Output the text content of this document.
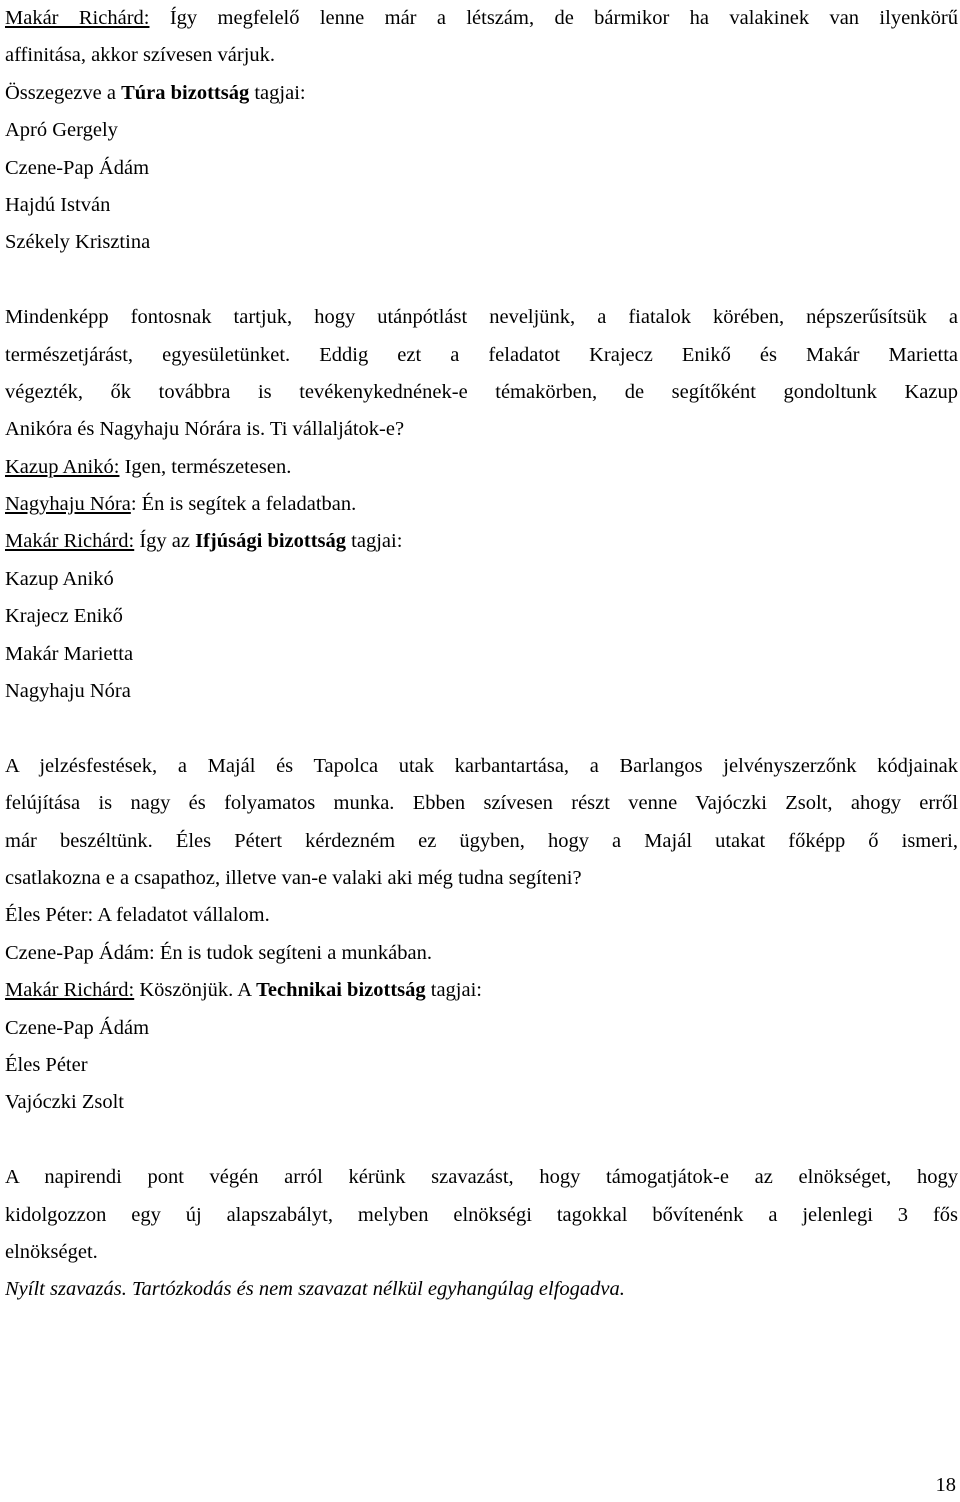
Makár Richárd: Így megfelelő lenne már a létszám, de bármikor ha valakinek van ilyenkörű
affinitása, akkor szívesen várjuk.
Összegezve a Túra bizottság tagjai:
Apró Gergely
Czene-Pap Ádám
Hajdú István
Székely Krisztina
Mindenképp fontosnak tartjuk, hogy utánpótlást neveljünk, a fiatalok körében, népszerűsítsük a
természetjárást, egyesületünket. Eddig ezt a feladatot Krajecz Enikő és Makár Marietta
végezték, ők továbbra is tevékenykednének-e témakörben, de segítőként gondoltunk Kazup
Anikóra és Nagyhaju Nórára is. Ti vállaljátok-e?
Kazup Anikó: Igen, természetesen.
Nagyhaju Nóra: Én is segítek a feladatban.
Makár Richárd: Így az Ifjúsági bizottság tagjai:
Kazup Anikó
Krajecz Enikő
Makár Marietta
Nagyhaju Nóra
A jelzésfestések, a Majál és Tapolca utak karbantartása, a Barlangos jelvényszerzőnk kódjainak
felújítása is nagy és folyamatos munka. Ebben szívesen részt venne Vajóczki Zsolt, ahogy erről
már beszéltünk. Éles Pétert kérdezném ez ügyben, hogy a Majál utakat főképp ő ismeri,
csatlakozna e a csapathoz, illetve van-e valaki aki még tudna segíteni?
Éles Péter: A feladatot vállalom.
Czene-Pap Ádám: Én is tudok segíteni a munkában.
Makár Richárd: Köszönjük. A Technikai bizottság tagjai:
Czene-Pap Ádám
Éles Péter
Vajóczki Zsolt
A napirendi pont végén arról kérünk szavazást, hogy támogatjátok-e az elnökséget, hogy
kidolgozzon egy új alapszabályt, melyben elnökségi tagokkal bővítenénk a jelenlegi 3 fős
elnökséget.
Nyílt szavazás. Tartózkodás és nem szavazat nélkül egyhangúlag elfogadva.
18
